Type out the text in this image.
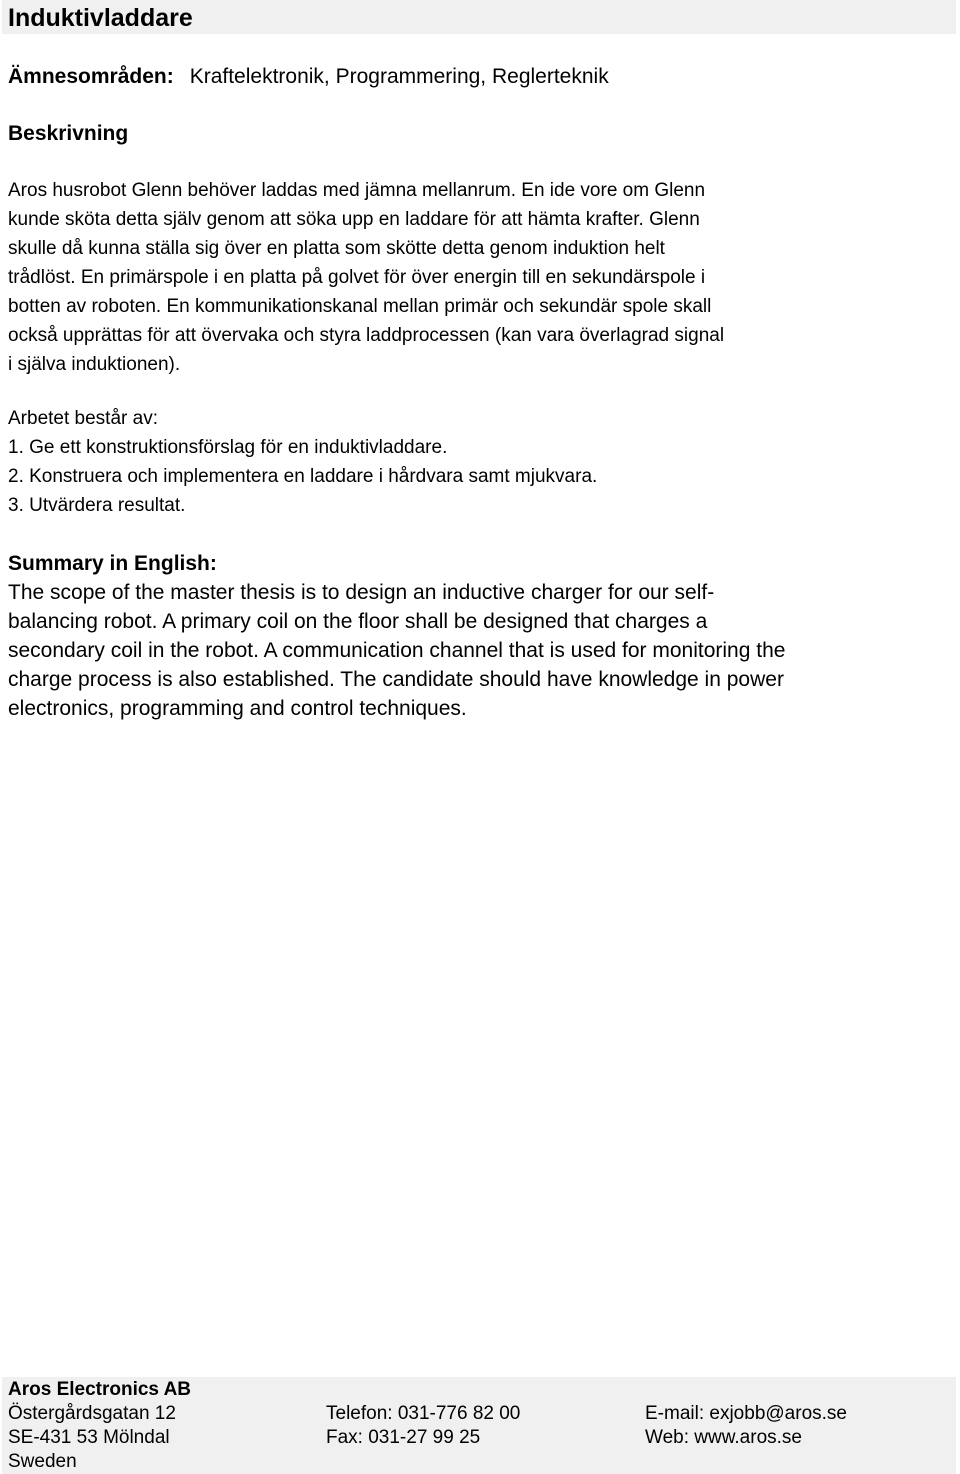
Induktivladdare
Ämnesområden: Kraftelektronik, Programmering, Reglerteknik
Beskrivning
Aros husrobot Glenn behöver laddas med jämna mellanrum. En ide vore om Glenn
kunde sköta detta själv genom att söka upp en laddare för att hämta krafter. Glenn
skulle då kunna ställa sig över en platta som skötte detta genom induktion helt
trådlöst. En primärspole i en platta på golvet för över energin till en sekundärspole i
botten av roboten. En kommunikationskanal mellan primär och sekundär spole skall
också upprättas för att övervaka och styra laddprocessen (kan vara överlagrad signal
i själva induktionen).
Arbetet består av:
1. Ge ett konstruktionsförslag för en induktivladdare.
2. Konstruera och implementera en laddare i hårdvara samt mjukvara.
3. Utvärdera resultat.
Summary in English:
The scope of the master thesis is to design an inductive charger for our self-
balancing robot. A primary coil on the floor shall be designed that charges a
secondary coil in the robot. A communication channel that is used for monitoring the
charge process is also established. The candidate should have knowledge in power
electronics, programming and control techniques.
Aros Electronics AB
Östergårdsgatan 12
SE-431 53 Mölndal
Sweden
Telefon: 031-776 82 00
Fax: 031-27 99 25
E-mail: exjobb@aros.se
Web: www.aros.se
